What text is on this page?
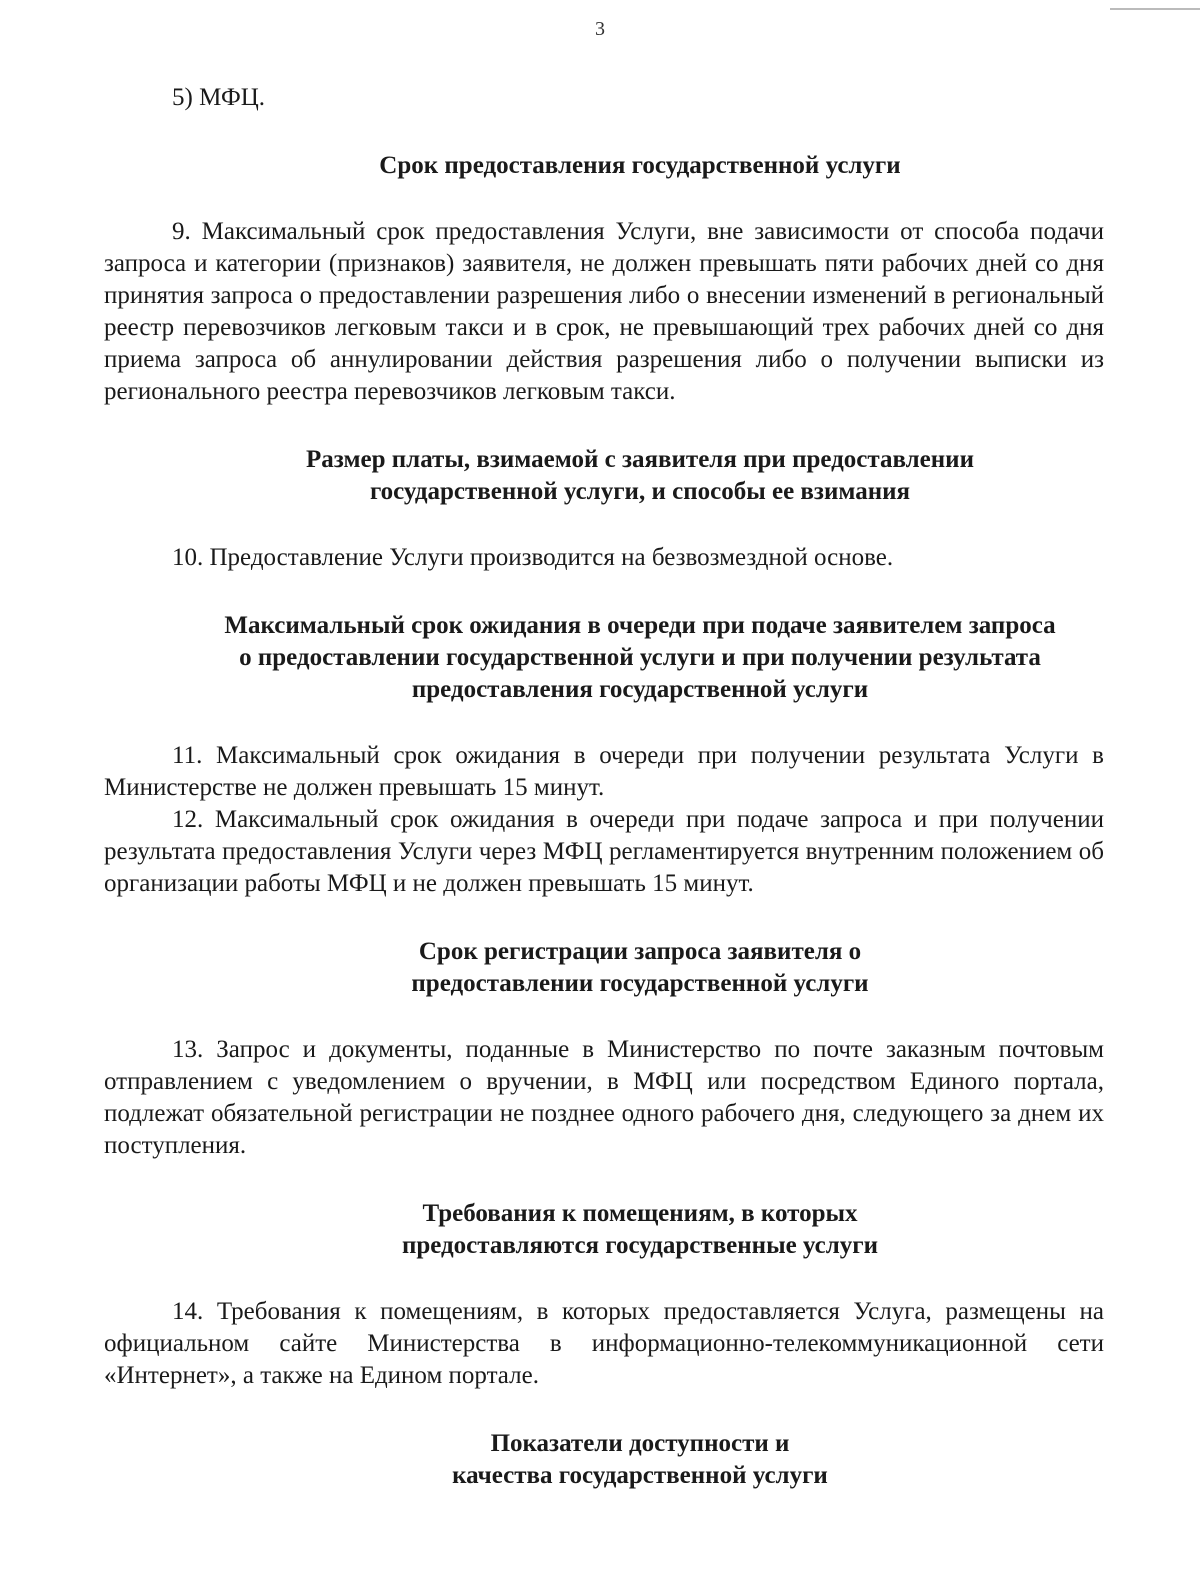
3

5) МФЦ.

Срок предоставления государственной услуги

9. Максимальный срок предоставления Услуги, вне зависимости от способа подачи запроса и категории (признаков) заявителя, не должен превышать пяти рабочих дней со дня принятия запроса о предоставлении разрешения либо о внесении изменений в региональный реестр перевозчиков легковым такси и в срок, не превышающий трех рабочих дней со дня приема запроса об аннулировании действия разрешения либо о получении выписки из регионального реестра перевозчиков легковым такси.

Размер платы, взимаемой с заявителя при предоставлении
государственной услуги, и способы ее взимания

10. Предоставление Услуги производится на безвозмездной основе.

Максимальный срок ожидания в очереди при подаче заявителем запроса
о предоставлении государственной услуги и при получении результата
предоставления государственной услуги

11. Максимальный срок ожидания в очереди при получении результата Услуги в Министерстве не должен превышать 15 минут.

12. Максимальный срок ожидания в очереди при подаче запроса и при получении результата предоставления Услуги через МФЦ регламентируется внутренним положением об организации работы МФЦ и не должен превышать 15 минут.

Срок регистрации запроса заявителя о
предоставлении государственной услуги

13. Запрос и документы, поданные в Министерство по почте заказным почтовым отправлением с уведомлением о вручении, в МФЦ или посредством Единого портала, подлежат обязательной регистрации не позднее одного рабочего дня, следующего за днем их поступления.

Требования к помещениям, в которых
предоставляются государственные услуги

14. Требования к помещениям, в которых предоставляется Услуга, размещены на официальном сайте Министерства в информационно-телекоммуникационной сети «Интернет», а также на Едином портале.

Показатели доступности и
качества государственной услуги
